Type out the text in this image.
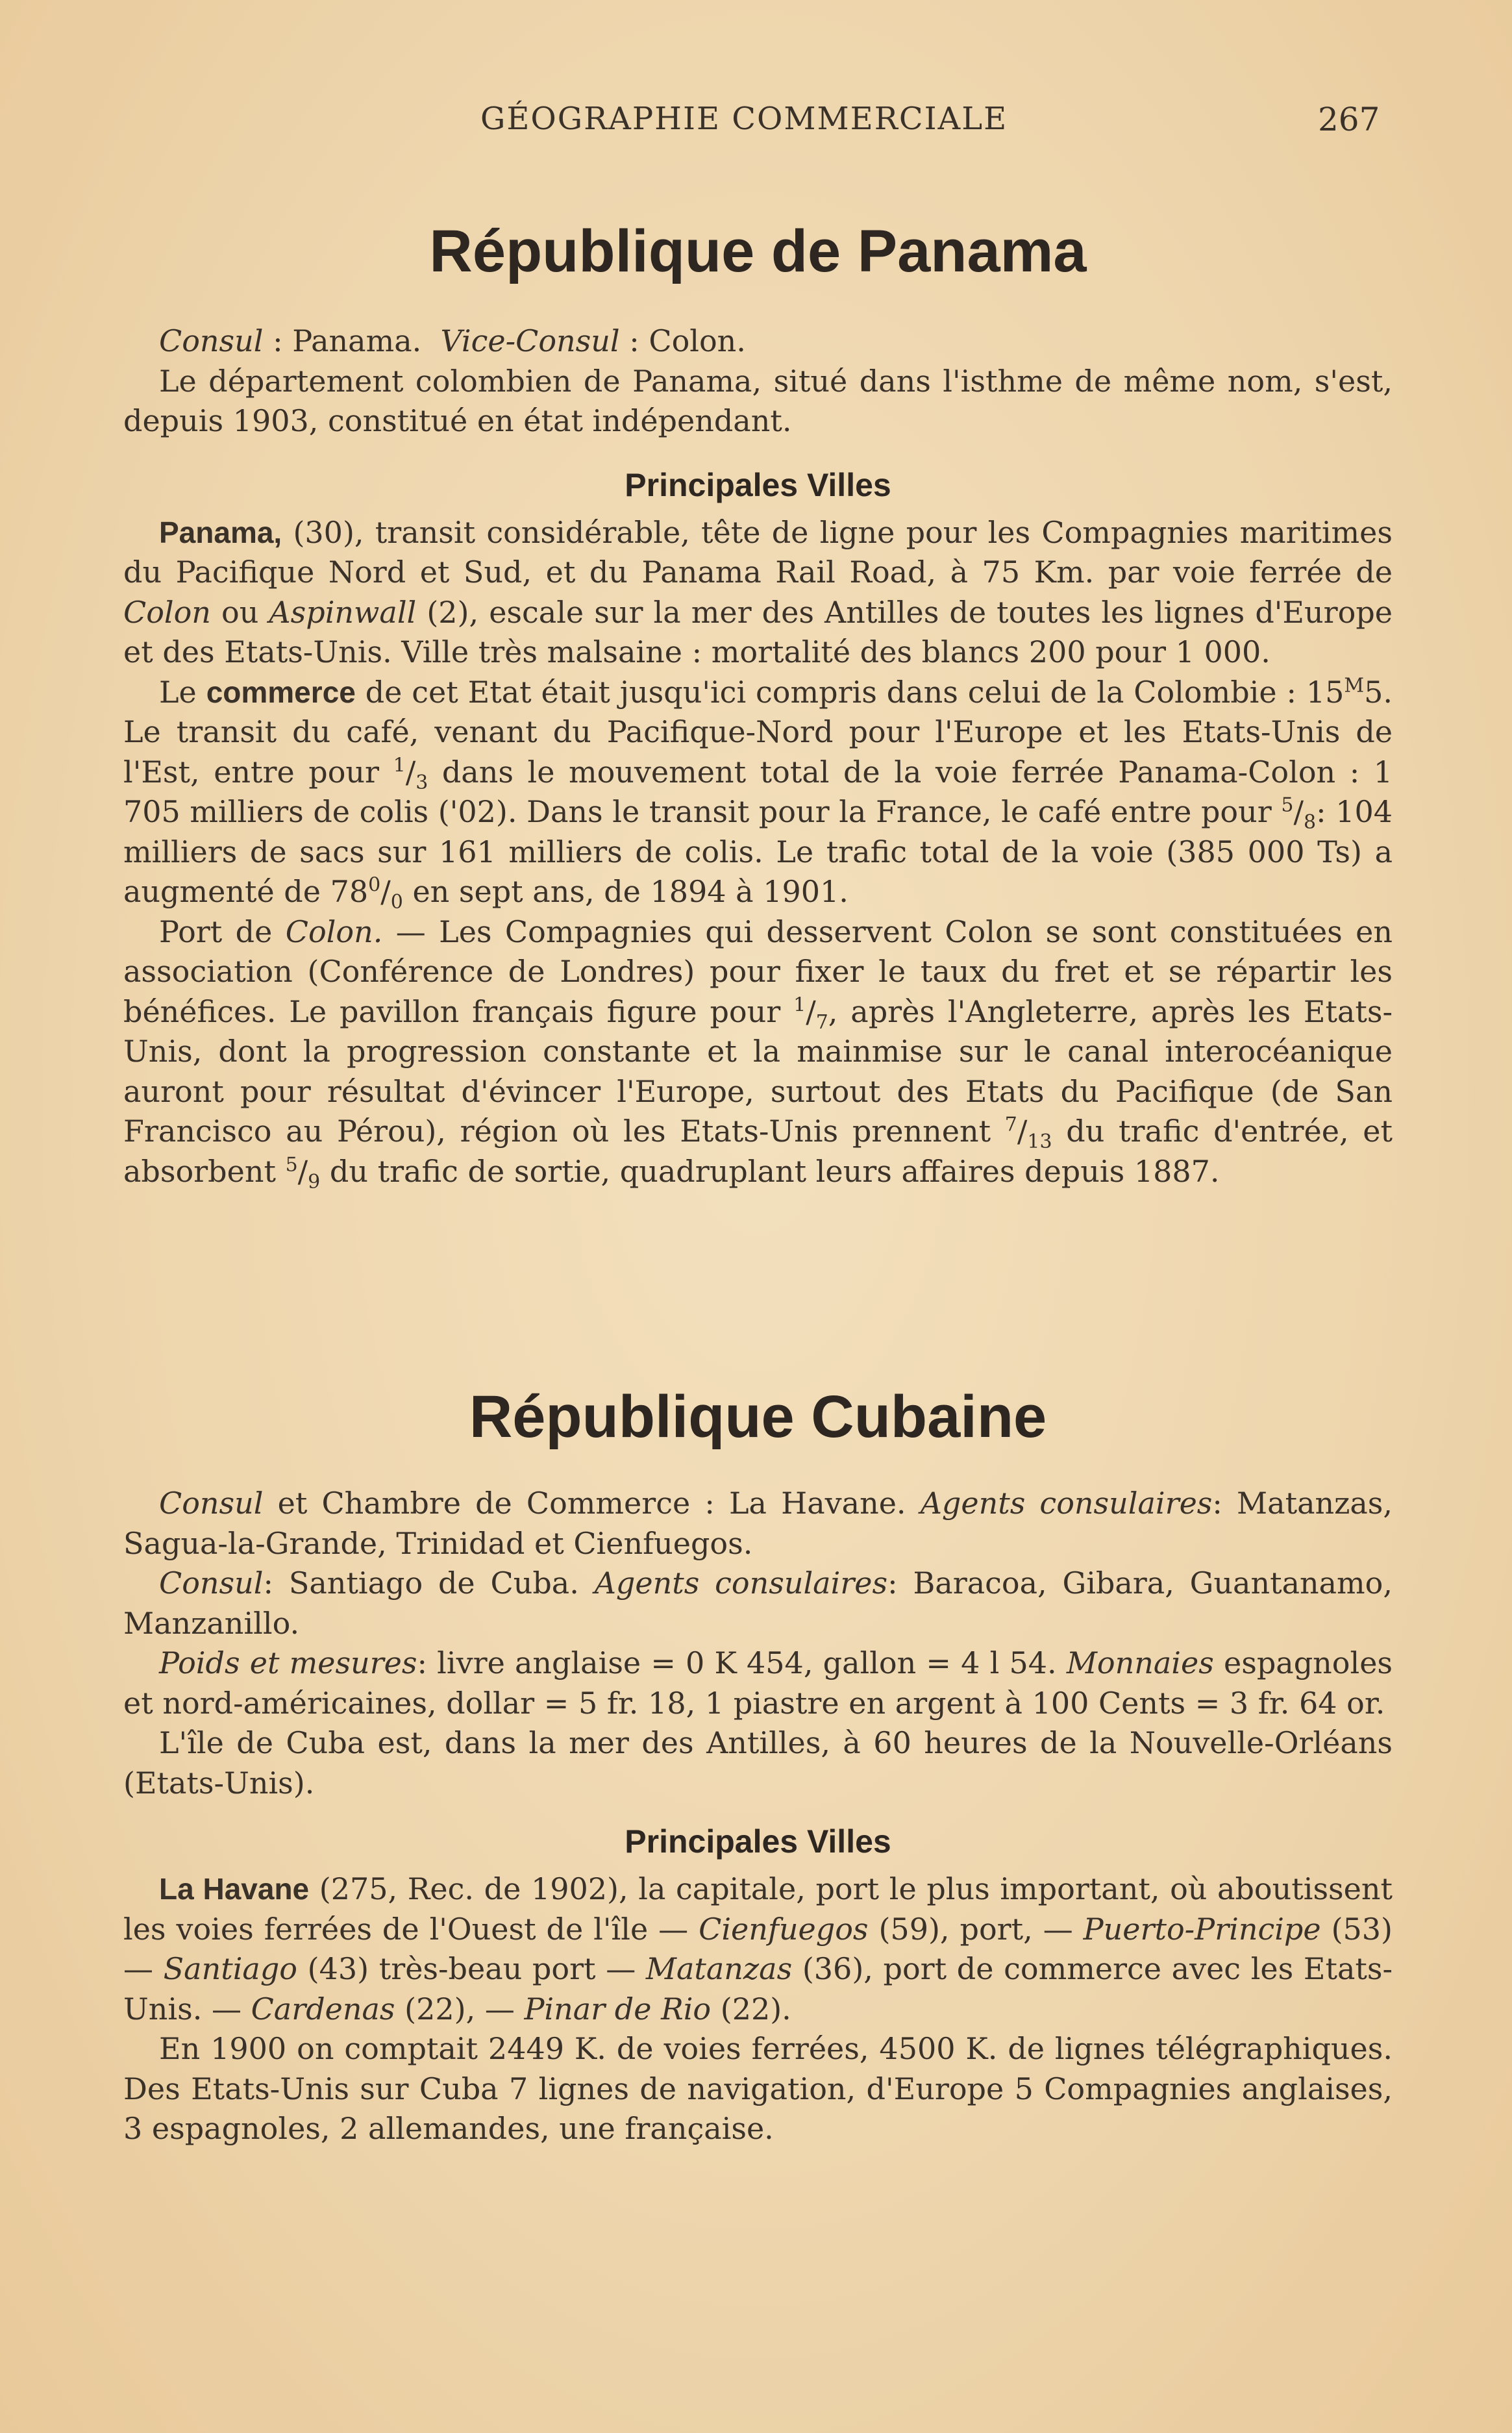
GÉOGRAPHIE COMMERCIALE	267
République de Panama

Consul : Panama. Vice-Consul : Colon.

Le département colombien de Panama, situé dans l'isthme de même nom, s'est, depuis 1903, constitué en état indépendant.

Principales Villes

Panama, (30), transit considérable, tête de ligne pour les Compagnies maritimes du Pacifique Nord et Sud, et du Panama Rail Road, à 75 Km. par voie ferrée de Colon ou Aspinwall (2), escale sur la mer des Antilles de toutes les lignes d'Europe et des Etats-Unis. Ville très malsaine : mortalité des blancs 200 pour 1 000.

Le commerce de cet Etat était jusqu'ici compris dans celui de la Colombie : $15^M5$. Le transit du café, venant du Pacifique-Nord pour l'Europe et les Etats-Unis de l'Est, entre pour $^1/_3$ dans le mouvement total de la voie ferrée Panama-Colon : 1 705 milliers de colis ('02). Dans le transit pour la France, le café entre pour $^5/_8$: 104 milliers de sacs sur 161 milliers de colis. Le trafic total de la voie (385 000 Ts) a augmenté de $78^0/_0$ en sept ans, de 1894 à 1901.

Port de Colon. — Les Compagnies qui desservent Colon se sont constituées en association (Conférence de Londres) pour fixer le taux du fret et se répartir les bénéfices. Le pavillon français figure pour $^1/_7$, après l'Angleterre, après les Etats-Unis, dont la progression constante et la mainmise sur le canal interocéanique auront pour résultat d'évincer l'Europe, surtout des Etats du Pacifique (de San Francisco au Pérou), région où les Etats-Unis prennent $^7/_{13}$ du trafic d'entrée, et absorbent $^5/_9$ du trafic de sortie, quadruplant leurs affaires depuis 1887.

République Cubaine

Consul et Chambre de Commerce : La Havane. Agents consulaires: Matanzas, Sagua-la-Grande, Trinidad et Cienfuegos.

Consul: Santiago de Cuba. Agents consulaires: Baracoa, Gibara, Guantanamo, Manzanillo.

Poids et mesures: livre anglaise = 0 K 454, gallon = 4 l 54. Monnaies espagnoles et nord-américaines, dollar = 5 fr. 18, 1 piastre en argent à 100 Cents = 3 fr. 64 or.

L'île de Cuba est, dans la mer des Antilles, à 60 heures de la Nouvelle-Orléans (Etats-Unis).

Principales Villes

La Havane (275, Rec. de 1902), la capitale, port le plus important, où aboutissent les voies ferrées de l'Ouest de l'île — Cienfuegos (59), port, — Puerto-Principe (53) — Santiago (43) très-beau port — Matanzas (36), port de commerce avec les Etats-Unis. — Cardenas (22), — Pinar de Rio (22).

En 1900 on comptait 2449 K. de voies ferrées, 4500 K. de lignes télégraphiques. Des Etats-Unis sur Cuba 7 lignes de navigation, d'Europe 5 Compagnies anglaises, 3 espagnoles, 2 allemandes, une française.
